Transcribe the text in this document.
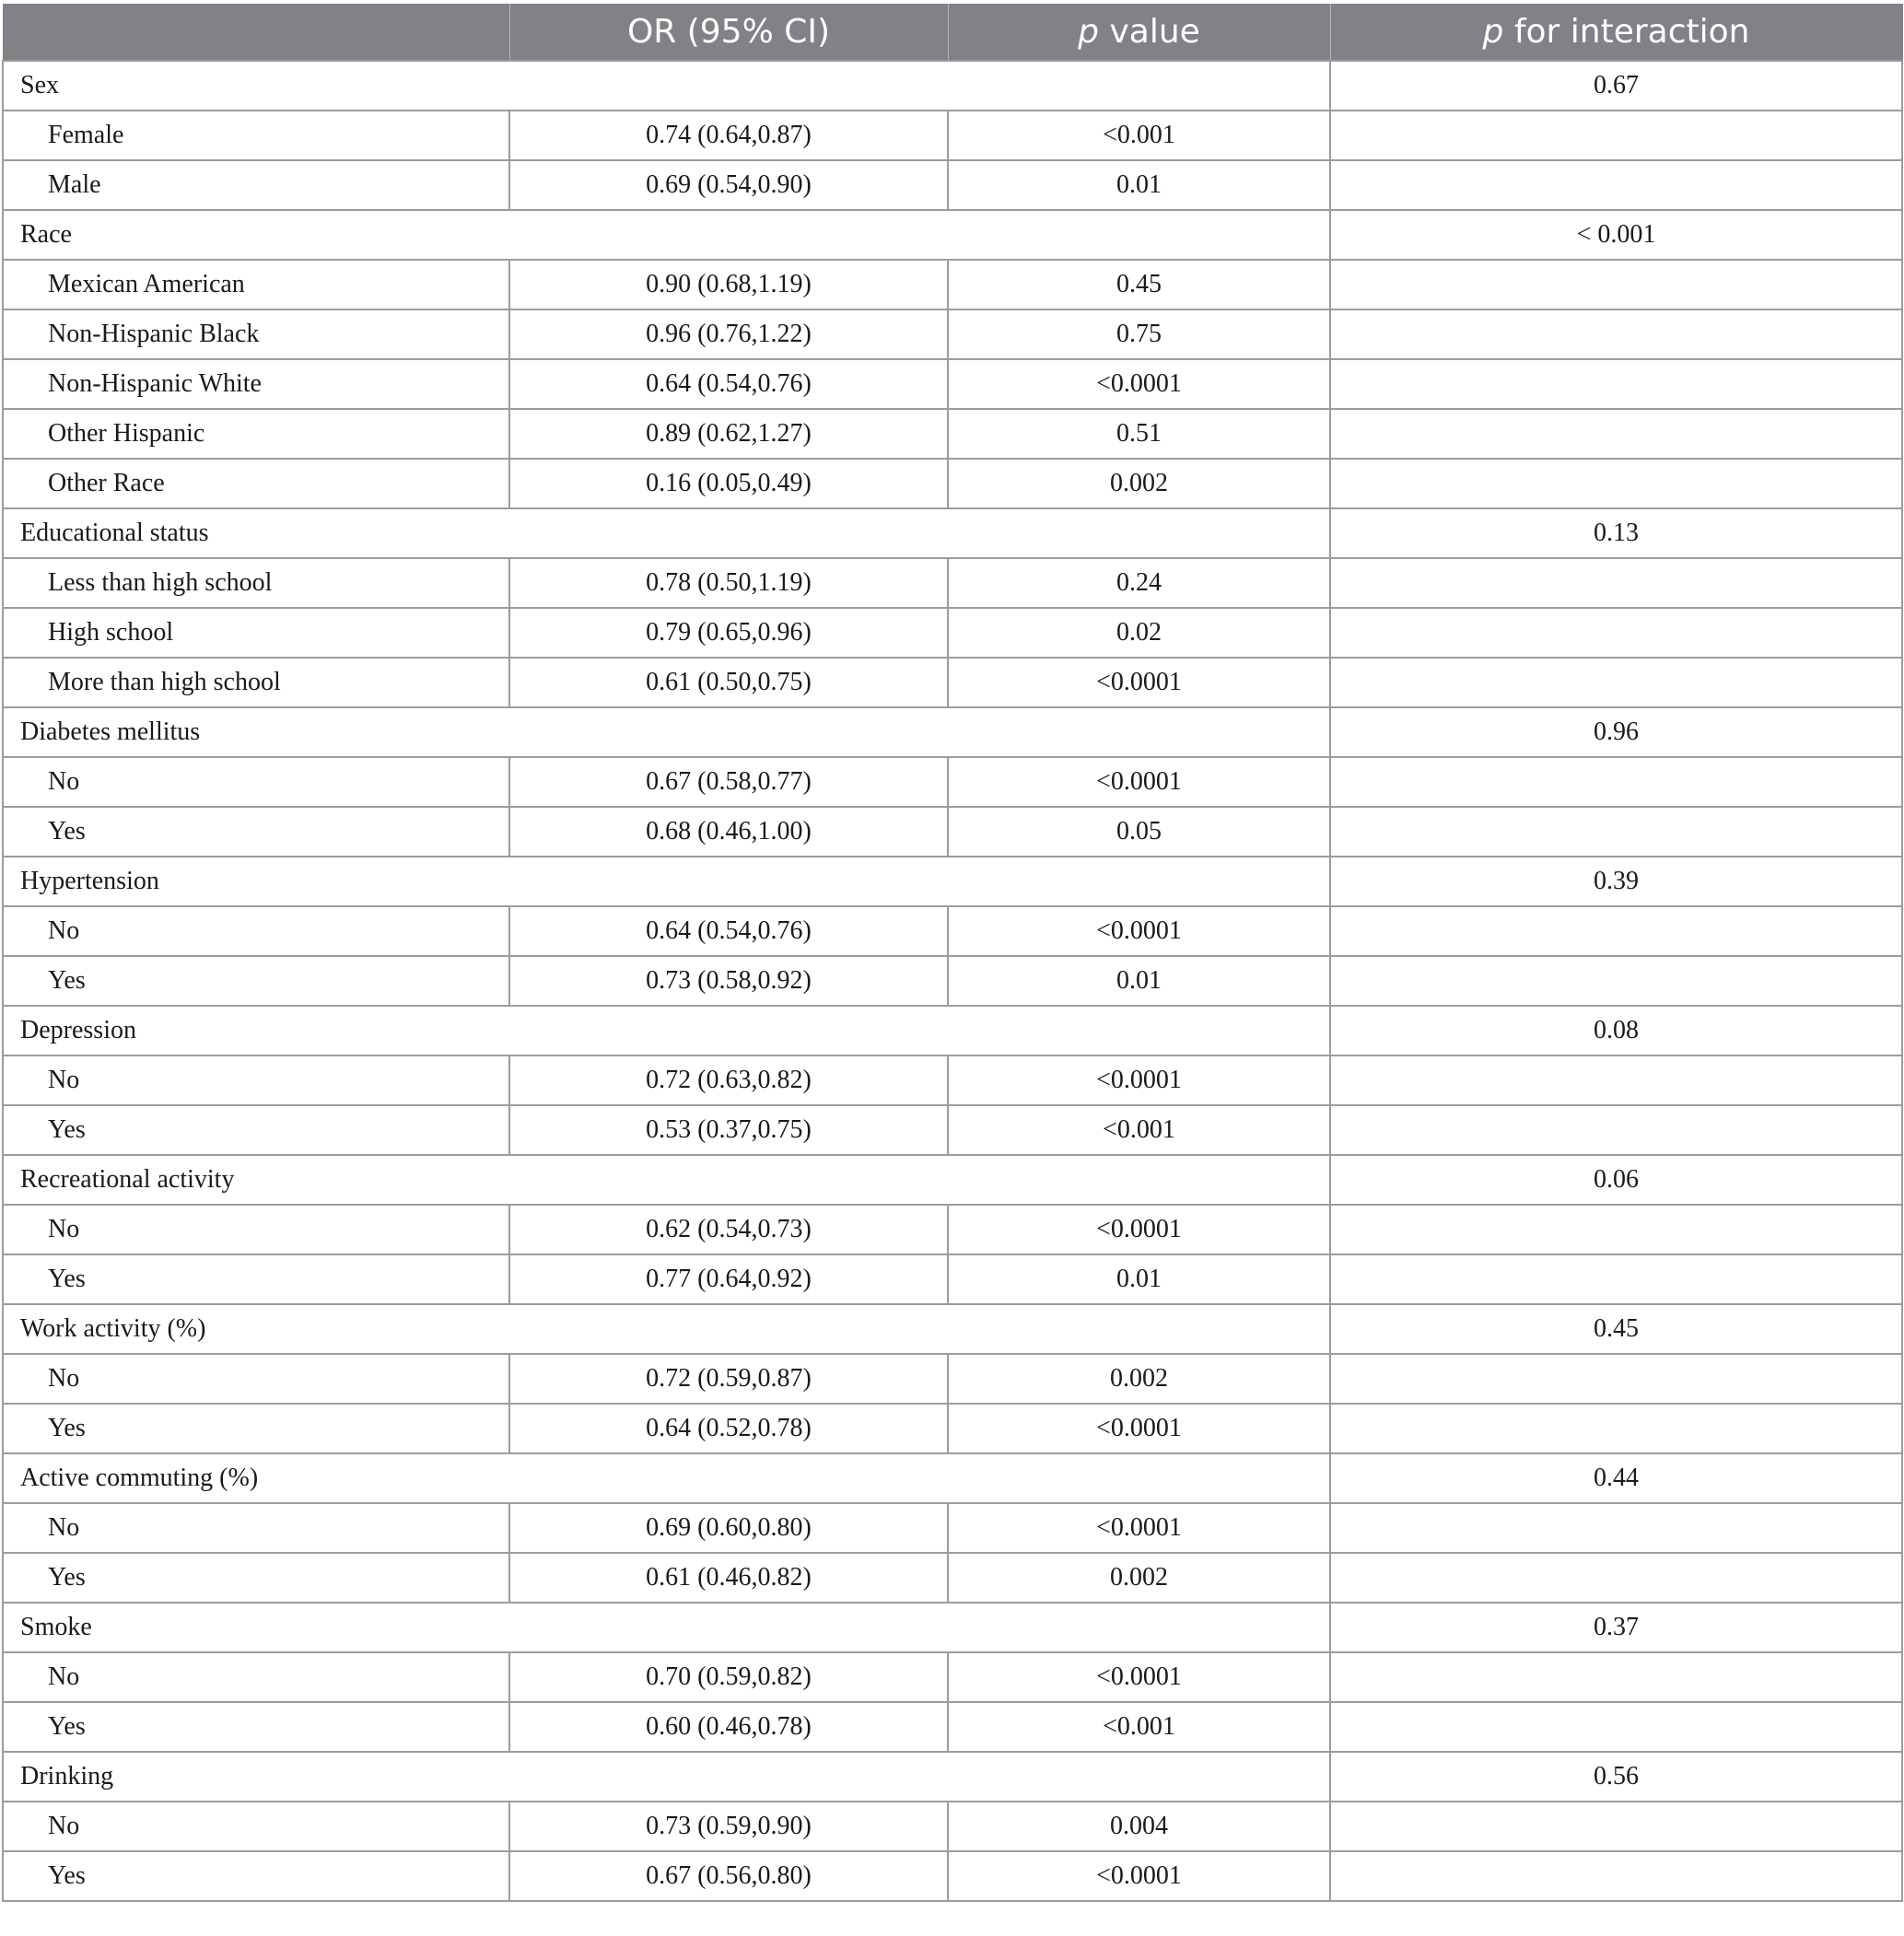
	OR (95% CI)	p value	p for interaction
Sex			0.67
Female	0.74 (0.64,0.87)	<0.001	
Male	0.69 (0.54,0.90)	0.01	
Race			< 0.001
Mexican American	0.90 (0.68,1.19)	0.45	
Non-Hispanic Black	0.96 (0.76,1.22)	0.75	
Non-Hispanic White	0.64 (0.54,0.76)	<0.0001	
Other Hispanic	0.89 (0.62,1.27)	0.51	
Other Race	0.16 (0.05,0.49)	0.002	
Educational status			0.13
Less than high school	0.78 (0.50,1.19)	0.24	
High school	0.79 (0.65,0.96)	0.02	
More than high school	0.61 (0.50,0.75)	<0.0001	
Diabetes mellitus			0.96
No	0.67 (0.58,0.77)	<0.0001	
Yes	0.68 (0.46,1.00)	0.05	
Hypertension			0.39
No	0.64 (0.54,0.76)	<0.0001	
Yes	0.73 (0.58,0.92)	0.01	
Depression			0.08
No	0.72 (0.63,0.82)	<0.0001	
Yes	0.53 (0.37,0.75)	<0.001	
Recreational activity			0.06
No	0.62 (0.54,0.73)	<0.0001	
Yes	0.77 (0.64,0.92)	0.01	
Work activity (%)			0.45
No	0.72 (0.59,0.87)	0.002	
Yes	0.64 (0.52,0.78)	<0.0001	
Active commuting (%)			0.44
No	0.69 (0.60,0.80)	<0.0001	
Yes	0.61 (0.46,0.82)	0.002	
Smoke			0.37
No	0.70 (0.59,0.82)	<0.0001	
Yes	0.60 (0.46,0.78)	<0.001	
Drinking			0.56
No	0.73 (0.59,0.90)	0.004	
Yes	0.67 (0.56,0.80)	<0.0001	
